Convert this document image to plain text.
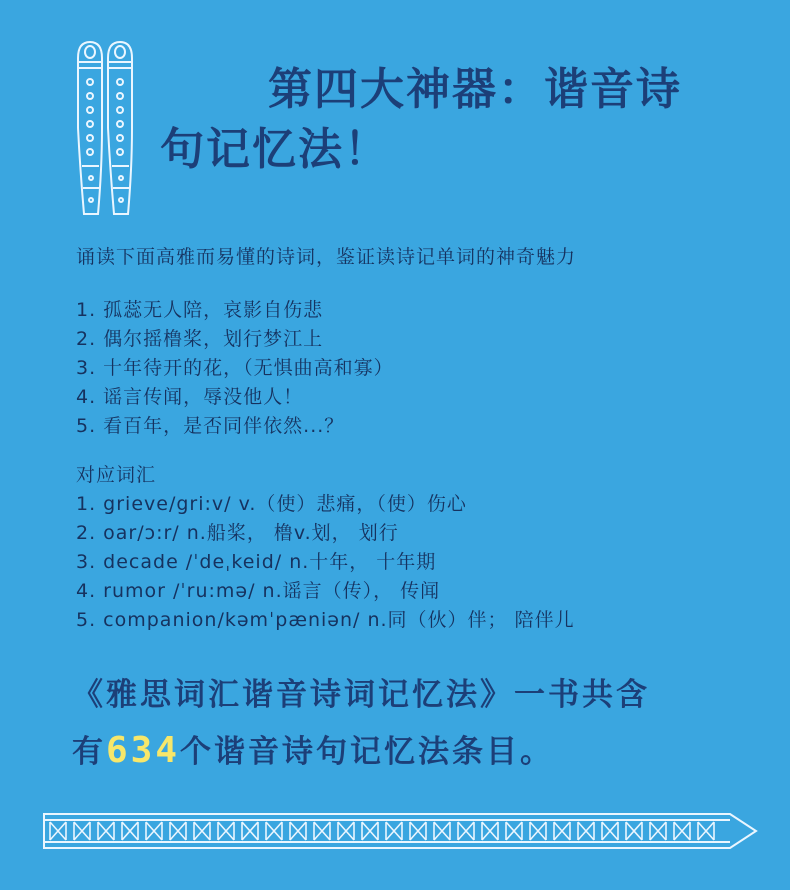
第四大神器：谐音诗
句记忆法！
诵读下面高雅而易懂的诗词，鉴证读诗记单词的神奇魅力
1. 孤蕊无人陪，哀影自伤悲
2. 偶尔摇橹桨，划行梦江上
3. 十年待开的花，（无惧曲高和寡）
4. 谣言传闻，辱没他人！
5. 看百年，是否同伴依然...？
对应词汇
1. grieve/gri:v/ v.（使）悲痛，（使）伤心
2. oar/ɔ:r/ n.船桨， 橹v.划， 划行
3. decade /ˈdeˌkeid/ n.十年， 十年期
4. rumor /ˈru:mə/ n.谣言（传）， 传闻
5. companion/kəmˈpæniən/ n.同（伙）伴； 陪伴儿
《雅思词汇谐音诗词记忆法》一书共含
有634个谐音诗句记忆法条目。
